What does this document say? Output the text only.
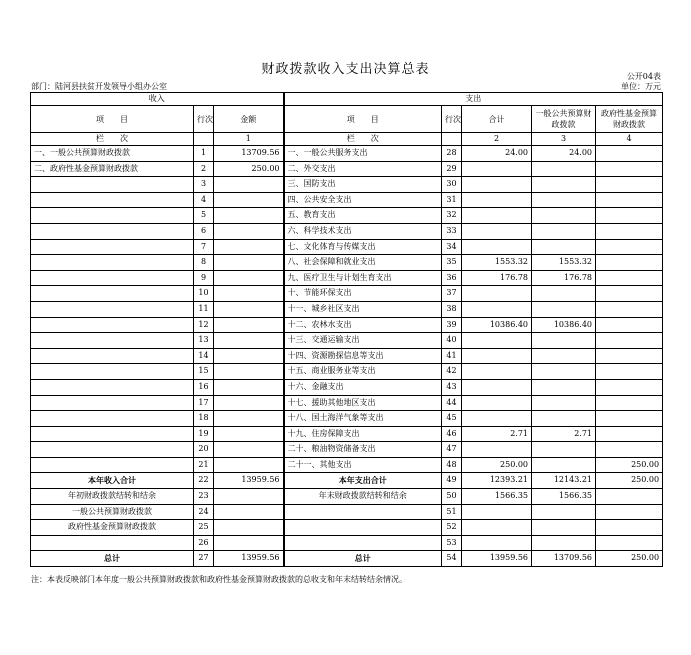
财政拨款收入支出决算总表	公开04表
部门：陆河县扶贫开发领导小组办公室	单位：万元
收入			支出				
项　　目	行次	金额	项　　目	行次	合计	一般公共预算财政拨款	政府性基金预算财政拨款
栏　　次		1	栏　　次		2	3	4
一、一般公共预算财政拨款	1	13709.56	一、一般公共服务支出	28	24.00	24.00	
二、政府性基金预算财政拨款	2	250.00	二、外交支出	29			
	3		三、国防支出	30			
	4		四、公共安全支出	31			
	5		五、教育支出	32			
	6		六、科学技术支出	33			
	7		七、文化体育与传媒支出	34			
	8		八、社会保障和就业支出	35	1553.32	1553.32	
	9		九、医疗卫生与计划生育支出	36	176.78	176.78	
	10		十、节能环保支出	37			
	11		十一、城乡社区支出	38			
	12		十二、农林水支出	39	10386.40	10386.40	
	13		十三、交通运输支出	40			
	14		十四、资源勘探信息等支出	41			
	15		十五、商业服务业等支出	42			
	16		十六、金融支出	43			
	17		十七、援助其他地区支出	44			
	18		十八、国土海洋气象等支出	45			
	19		十九、住房保障支出	46	2.71	2.71	
	20		二十、粮油物资储备支出	47			
	21		二十一、其他支出	48	250.00		250.00
本年收入合计	22	13959.56	本年支出合计	49	12393.21	12143.21	250.00
年初财政拨款结转和结余	23		年末财政拨款结转和结余	50	1566.35	1566.35	
一般公共预算财政拨款	24			51			
政府性基金预算财政拨款	25			52			
	26			53			
总计	27	13959.56	总计	54	13959.56	13709.56	250.00
注：本表反映部门本年度一般公共预算财政拨款和政府性基金预算财政拨款的总收支和年末结转结余情况。
